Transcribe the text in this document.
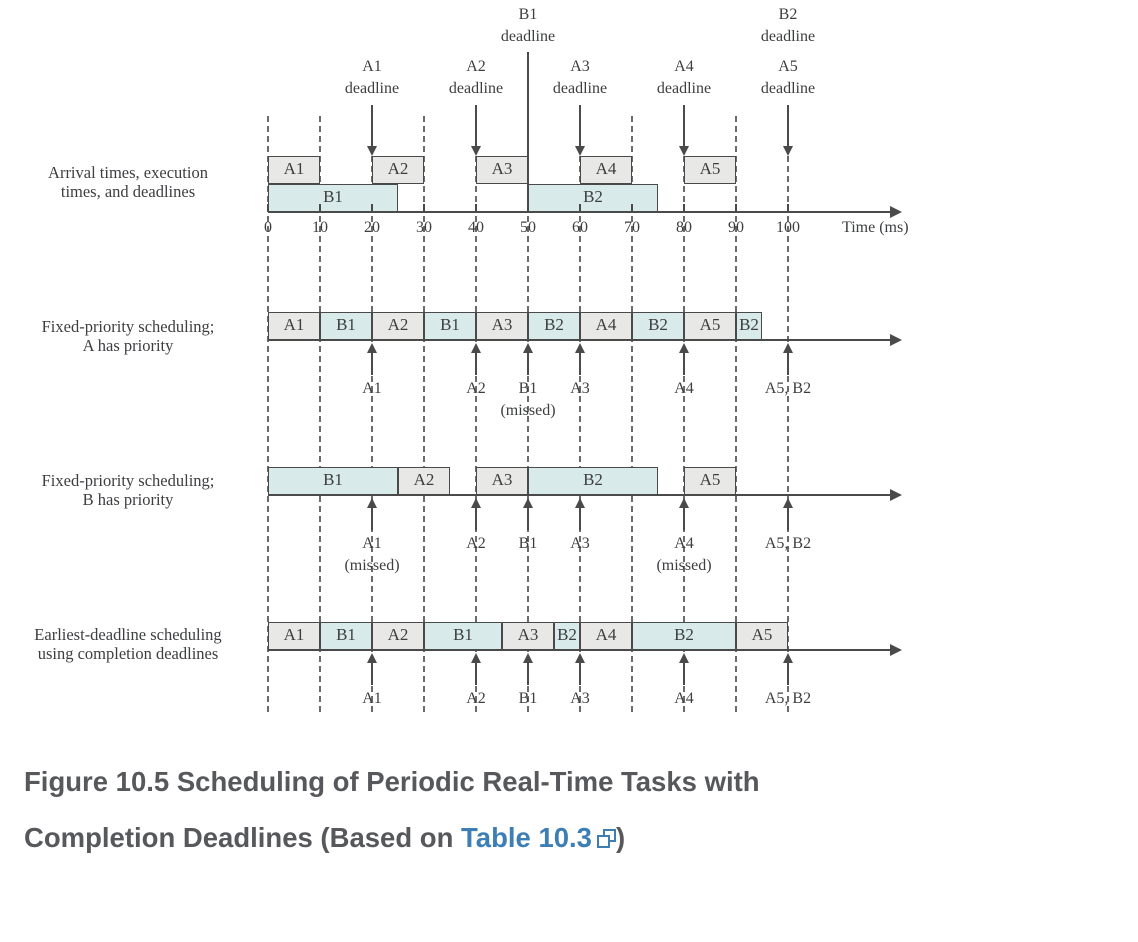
B1
deadline
B2
deadline
A1
deadline
A2
deadline
A3
deadline
A4
deadline
A5
deadline
Arrival times, execution
times, and deadlines
A1	A2	A3	A4	A5
B1	B2
0	10	20	30	40	50	60	70	80	90	100	Time (ms)
Fixed-priority scheduling;
A has priority
A1	B1	A2	B1	A3	B2	A4	B2	A5	B2
A1	A2	B1
(missed)
A3	A4	A5, B2
Fixed-priority scheduling;
B has priority
B1	A2	A3	B2	A5
A1
(missed)
A2	B1	A3	A4
(missed)
A5, B2
Earliest-deadline scheduling
using completion deadlines
A1	B1	A2	B1	A3	B2	A4	B2	A5
A1	A2	B1	A3	A4	A5, B2
Figure 10.5 Scheduling of Periodic Real-Time Tasks with
Completion Deadlines (Based on Table 10.3 )
